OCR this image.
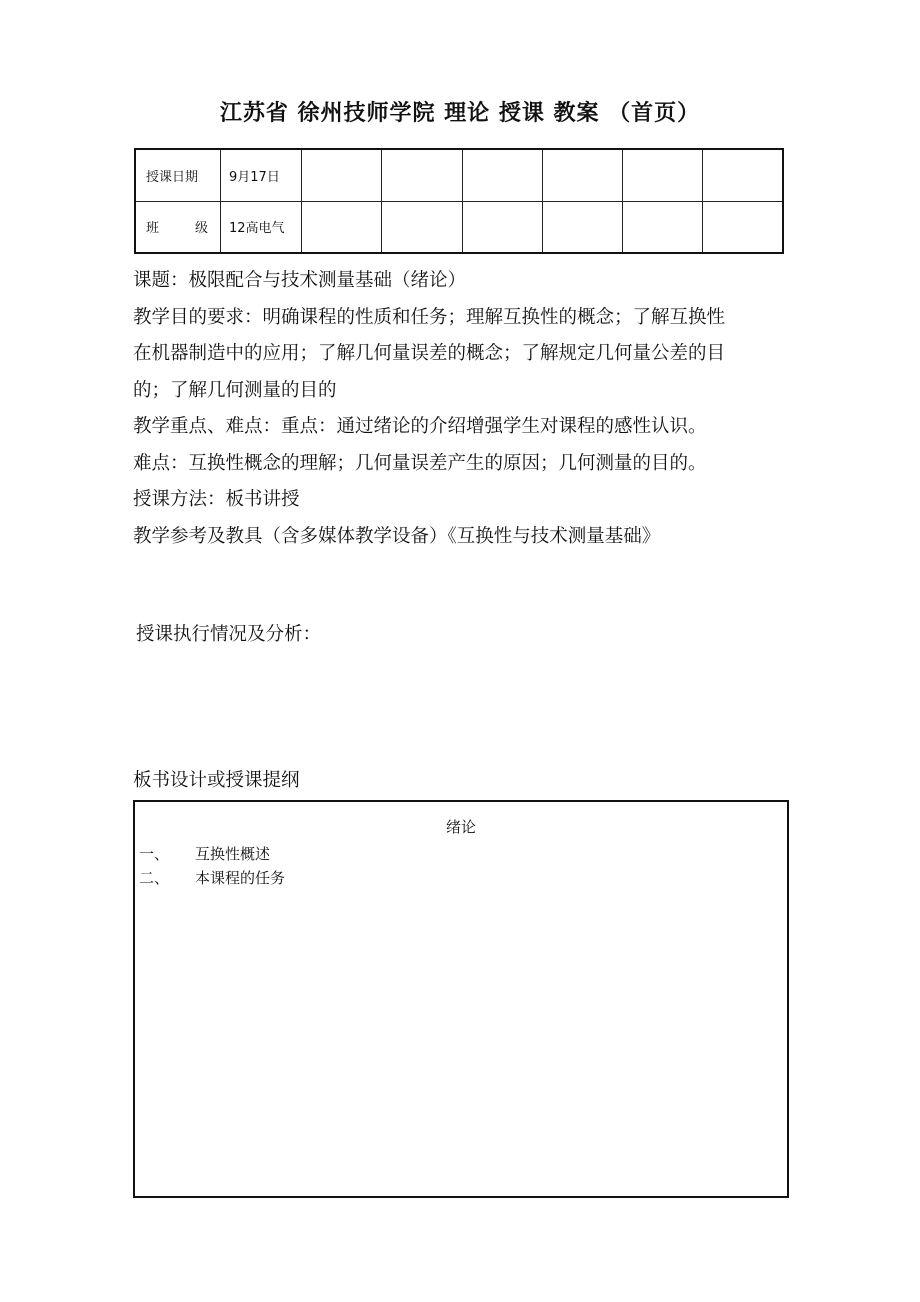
江苏省 徐州技师学院 理论 授课 教案 （首页）
授课日期	9月17日						

班 级	12高电气						
课题：极限配合与技术测量基础（绪论）
教学目的要求：明确课程的性质和任务；理解互换性的概念；了解互换性
在机器制造中的应用；了解几何量误差的概念；了解规定几何量公差的目
的；了解几何测量的目的
教学重点、难点：重点：通过绪论的介绍增强学生对课程的感性认识。
难点：互换性概念的理解；几何量误差产生的原因；几何测量的目的。
授课方法：板书讲授
教学参考及教具（含多媒体教学设备）《互换性与技术测量基础》
授课执行情况及分析：
板书设计或授课提纲
绪论
一、 互换性概述
二、 本课程的任务
